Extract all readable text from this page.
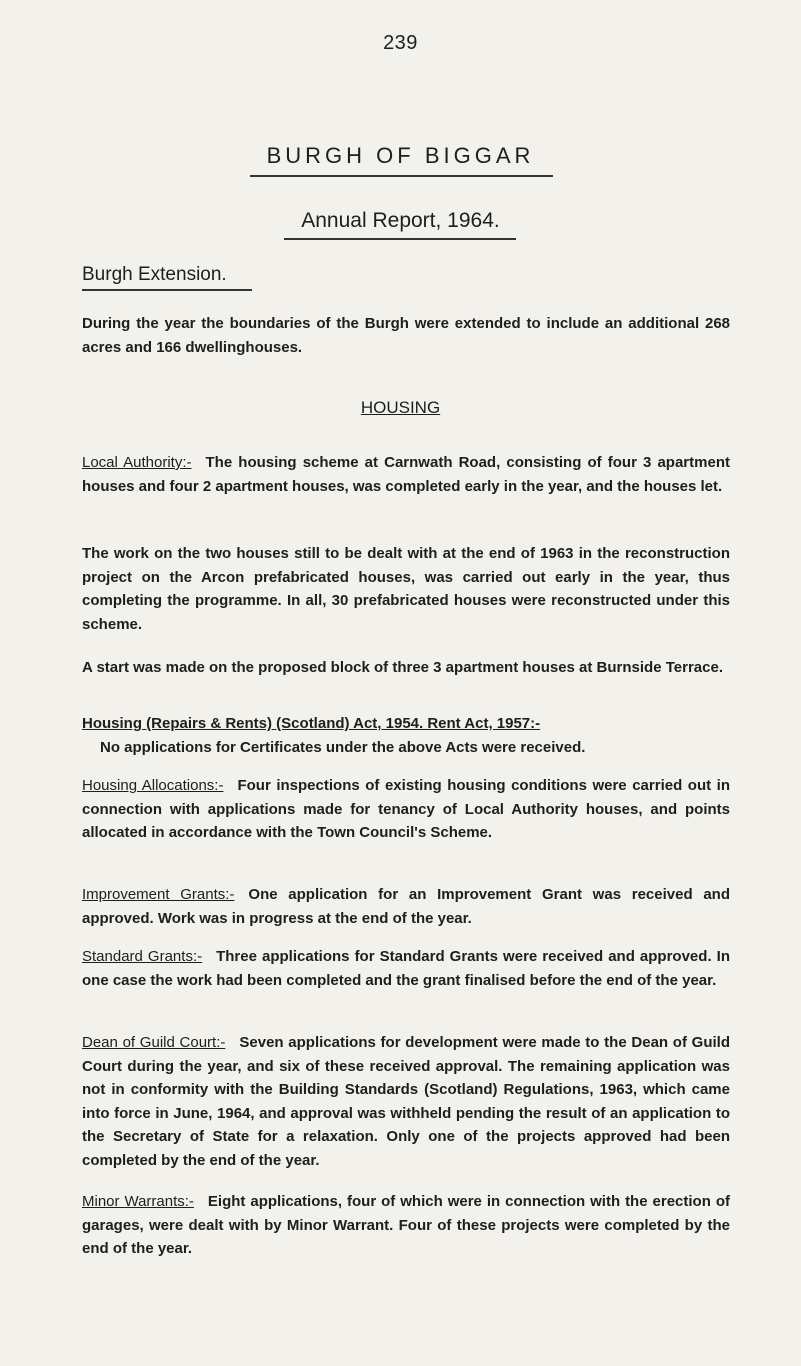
239
BURGH OF BIGGAR
Annual Report, 1964.
Burgh Extension.
During the year the boundaries of the Burgh were extended to include an additional 268 acres and 166 dwellinghouses.
HOUSING
Local Authority:- The housing scheme at Carnwath Road, consisting of four 3 apartment houses and four 2 apartment houses, was completed early in the year, and the houses let.
The work on the two houses still to be dealt with at the end of 1963 in the reconstruction project on the Arcon prefabricated houses, was carried out early in the year, thus completing the programme. In all, 30 prefabricated houses were reconstructed under this scheme.
A start was made on the proposed block of three 3 apartment houses at Burnside Terrace.
Housing (Repairs & Rents) (Scotland) Act, 1954. Rent Act, 1957:-
No applications for Certificates under the above Acts were received.
Housing Allocations:- Four inspections of existing housing conditions were carried out in connection with applications made for tenancy of Local Authority houses, and points allocated in accordance with the Town Council's Scheme.
Improvement Grants:- One application for an Improvement Grant was received and approved. Work was in progress at the end of the year.
Standard Grants:- Three applications for Standard Grants were received and approved. In one case the work had been completed and the grant finalised before the end of the year.
Dean of Guild Court:- Seven applications for development were made to the Dean of Guild Court during the year, and six of these received approval. The remaining application was not in conformity with the Building Standards (Scotland) Regulations, 1963, which came into force in June, 1964, and approval was withheld pending the result of an application to the Secretary of State for a relaxation. Only one of the projects approved had been completed by the end of the year.
Minor Warrants:- Eight applications, four of which were in connection with the erection of garages, were dealt with by Minor Warrant. Four of these projects were completed by the end of the year.
